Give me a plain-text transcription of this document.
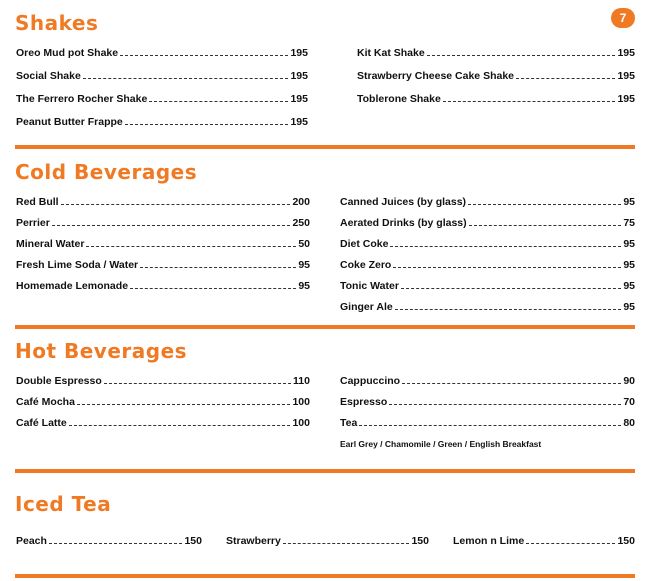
7
Shakes
Oreo Mud pot Shake	195
Social Shake	195
The Ferrero Rocher Shake	195
Peanut Butter Frappe	195
Kit Kat Shake	195
Strawberry Cheese Cake Shake	195
Toblerone Shake	195
Cold Beverages
Red Bull	200
Perrier	250
Mineral Water	50
Fresh Lime Soda / Water	95
Homemade Lemonade	95
Canned Juices (by glass)	95
Aerated Drinks (by glass)	75
Diet Coke	95
Coke Zero	95
Tonic Water	95
Ginger Ale	95
Hot Beverages
Double Espresso	110
Café Mocha	100
Café Latte	100
Cappuccino	90
Espresso	70
Tea	80
Earl Grey / Chamomile / Green / English Breakfast
Iced Tea
Peach	150 Strawberry	150 Lemon n Lime	150
